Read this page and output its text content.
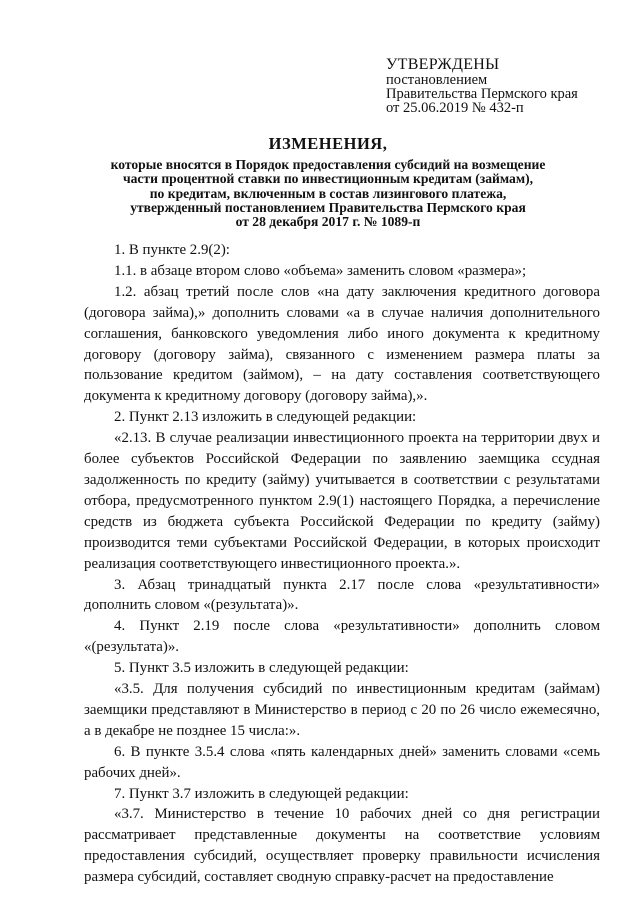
УТВЕРЖДЕНЫ
постановлением
Правительства Пермского края
от 25.06.2019 № 432-п
ИЗМЕНЕНИЯ,
которые вносятся в Порядок предоставления субсидий на возмещение
части процентной ставки по инвестиционным кредитам (займам),
по кредитам, включенным в состав лизингового платежа,
утвержденный постановлением Правительства Пермского края
от 28 декабря 2017 г. № 1089-п

1. В пункте 2.9(2):

1.1. в абзаце втором слово «объема» заменить словом «размера»;

1.2. абзац третий после слов «на дату заключения кредитного договора (договора займа),» дополнить словами «а в случае наличия дополнительного соглашения, банковского уведомления либо иного документа к кредитному договору (договору займа), связанного с изменением размера платы за пользование кредитом (займом), – на дату составления соответствующего документа к кредитному договору (договору займа),».

2. Пункт 2.13 изложить в следующей редакции:

«2.13. В случае реализации инвестиционного проекта на территории двух и более субъектов Российской Федерации по заявлению заемщика ссудная задолженность по кредиту (займу) учитывается в соответствии с результатами отбора, предусмотренного пунктом 2.9(1) настоящего Порядка, а перечисление средств из бюджета субъекта Российской Федерации по кредиту (займу) производится теми субъектами Российской Федерации, в которых происходит реализация соответствующего инвестиционного проекта.».

3. Абзац тринадцатый пункта 2.17 после слова «результативности» дополнить словом «(результата)».

4. Пункт 2.19 после слова «результативности» дополнить словом «(результата)».

5. Пункт 3.5 изложить в следующей редакции:

«3.5. Для получения субсидий по инвестиционным кредитам (займам) заемщики представляют в Министерство в период с 20 по 26 число ежемесячно, а в декабре не позднее 15 числа:».

6. В пункте 3.5.4 слова «пять календарных дней» заменить словами «семь рабочих дней».

7. Пункт 3.7 изложить в следующей редакции:

«3.7. Министерство в течение 10 рабочих дней со дня регистрации рассматривает представленные документы на соответствие условиям предоставления субсидий, осуществляет проверку правильности исчисления размера субсидий, составляет сводную справку-расчет на предоставление
